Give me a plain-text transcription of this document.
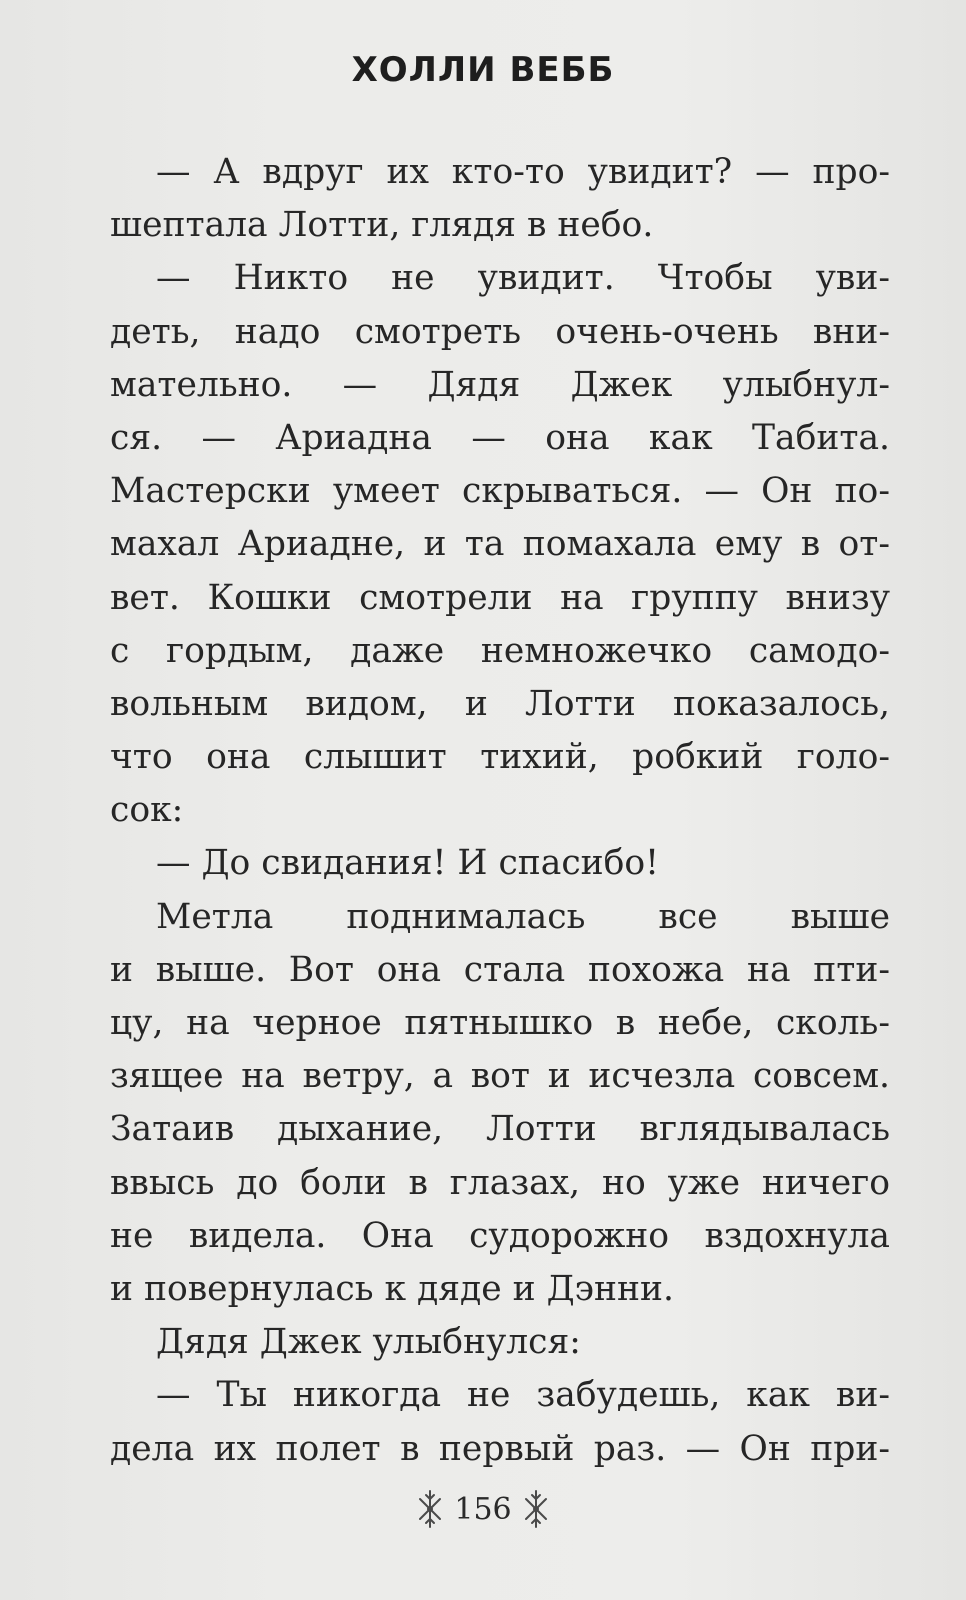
ХОЛЛИ ВЕББ
— А вдруг их кто-то увидит? — про-
шептала Лотти, глядя в небо.
— Никто не увидит. Чтобы уви-
деть, надо смотреть очень-очень вни-
мательно. — Дядя Джек улыбнул-
ся. — Ариадна — она как Табита.
Мастерски умеет скрываться. — Он по-
махал Ариадне, и та помахала ему в от-
вет. Кошки смотрели на группу внизу
с гордым, даже немножечко самодо-
вольным видом, и Лотти показалось,
что она слышит тихий, робкий голо-
сок:
— До свидания! И спасибо!
Метла поднималась все выше
и выше. Вот она стала похожа на пти-
цу, на черное пятнышко в небе, сколь-
зящее на ветру, а вот и исчезла совсем.
Затаив дыхание, Лотти вглядывалась
ввысь до боли в глазах, но уже ничего
не видела. Она судорожно вздохнула
и повернулась к дяде и Дэнни.
Дядя Джек улыбнулся:
— Ты никогда не забудешь, как ви-
дела их полет в первый раз. — Он при-
156
